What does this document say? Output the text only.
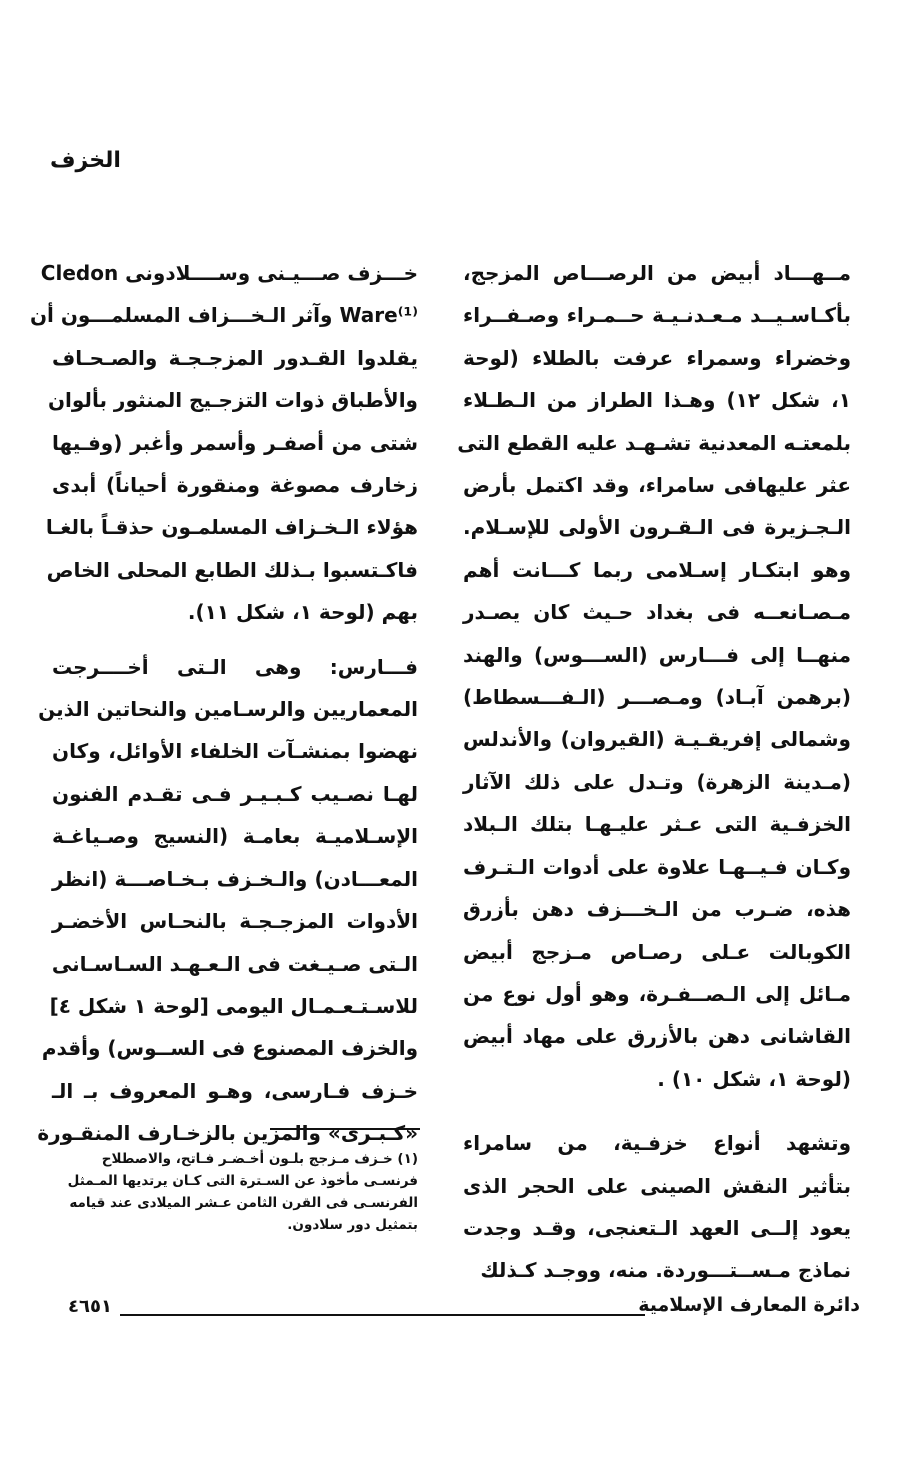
الخزف

مــهـــاد أبيض من الرصـــاص المزجج،
بأكـاسـيــد مـعـدنـيـة حــمـراء وصـفــراء
وخضراء وسمراء عرفت بالطلاء (لوحة
١، شكل ١٢) وهـذا الطراز من الـطـلاء
بلمعتـه المعدنية تشـهـد عليه القطع التى
عثر عليهافى سامراء، وقد اكتمل بأرض
الـجـزيرة فى الـقـرون الأولى للإسـلام.
وهو ابتكـار إسـلامى ربما كـــانت أهم
مـصـانعــه فى بغداد حـيث كان يصـدر
منهــا إلى فـــارس (الســـوس) والهند
(برهمن آبـاد) ومـصـــر (الـفـــسطاط)
وشمالى إفريقـيـة (القيروان) والأندلس
(مـدينة الزهرة) وتـدل على ذلك الآثار
الخزفـية التى عـثر عليـهـا بتلك الـبلاد
وكـان فـيــهـا علاوة على أدوات الـتـرف
هذه، ضـرب من الـخـــزف دهن بأزرق
الكوبالت عـلى رصـاص مـزجج أبيض
مـائل إلى الـصــفـرة، وهو أول نوع من
القاشانى دهن بالأزرق على مهاد أبيض
(لوحة ١، شكل ١٠) .

وتشهد أنواع خزفـية، من سامراء
بتأثير النقش الصينى على الحجر الذى
يعود إلــى العهد الـتعنجى، وقـد وجدت
نماذج مـســتـــوردة. منه، ووجـد كـذلك

خـــزف صـــيـنى وســــلادونى Cledon
Ware⁽¹⁾ وآثر الـخـــزاف المسلمـــون أن
يقلدوا القـدور المزجـجـة والصـحـاف
والأطباق ذوات التزجـيج المنثور بألوان
شتى من أصفـر وأسمر وأغبر (وفـيها
زخارف مصوغة ومنقورة أحياناً) أبدى
هؤلاء الـخـزاف المسلمـون حذقـاً بالغـا
فاكـتسبوا بـذلك الطابع المحلى الخاص
بهم (لوحة ١، شكل ١١).

فـــارس: وهى الـتى أخــــرجت
المعماريين والرسـامين والنحاتين الذين
نهضوا بمنشـآت الخلفاء الأوائل، وكان
لهـا نصـيب كـبـيـر فـى تقـدم الفنون
الإسـلاميـة بعامـة (النسيج وصـياغـة
المعـــادن) والـخـزف بـخـاصـــة (انظر
الأدوات المزجـجـة بالنحـاس الأخضـر
الـتى صـيـغت فى الـعـهـد السـاسـانى
للاسـتـعـمـال اليومى [لوحة ١ شكل ٤]
والخزف المصنوع فى الســوس) وأقدم
خـزف فـارسى، وهـو المعروف بـ الـ
«كـبـرى» والمزين بالزخـارف المنقـورة

(١) خـزف مـزجج بلـون أخـضـر فـاتح، والاصطلاح فرنسـى مأخوذ عن السـترة التى كـان يرتديها المـمثل الفرنسـى فى القرن الثامن عـشر الميلادى عند قيامه بتمثيل دور سلادون.
٤٦٥١	دائرة المعارف الإسلامية
